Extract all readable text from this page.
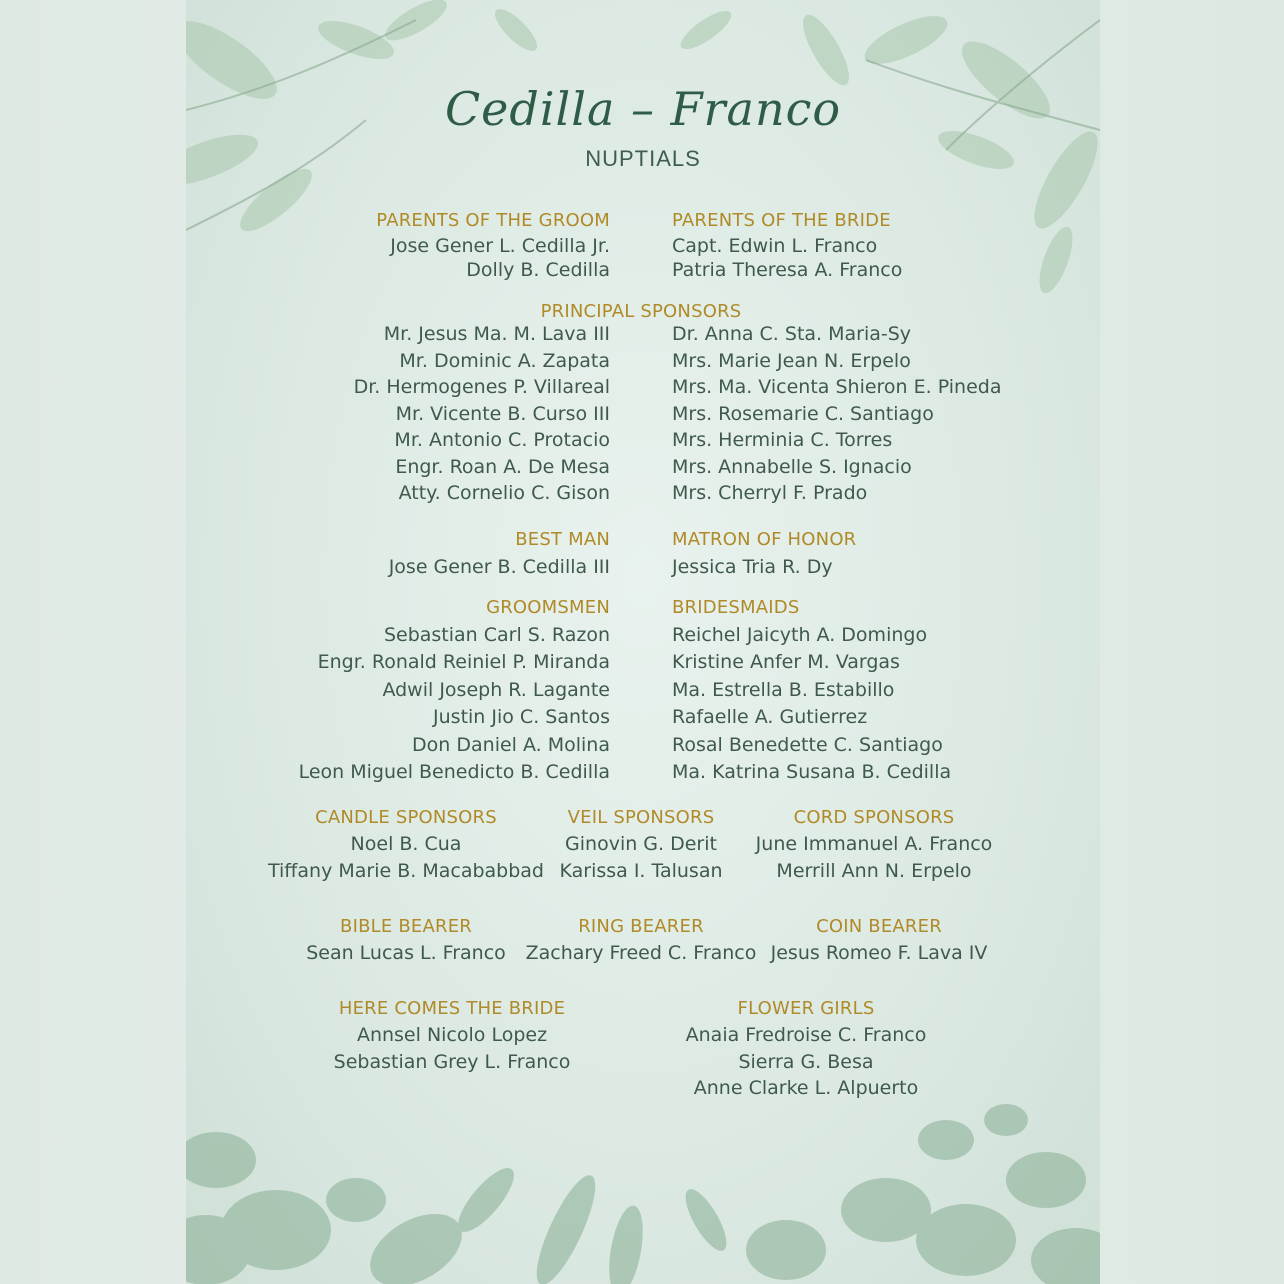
Cedilla – Franco
NUPTIALS
PARENTS OF THE GROOM
Jose Gener L. Cedilla Jr.
Dolly B. Cedilla
PARENTS OF THE BRIDE
Capt. Edwin L. Franco
Patria Theresa A. Franco
PRINCIPAL SPONSORS
Mr. Jesus Ma. M. Lava III
Mr. Dominic A. Zapata
Dr. Hermogenes P. Villareal
Mr. Vicente B. Curso III
Mr. Antonio C. Protacio
Engr. Roan A. De Mesa
Atty. Cornelio C. Gison
Dr. Anna C. Sta. Maria-Sy
Mrs. Marie Jean N. Erpelo
Mrs. Ma. Vicenta Shieron E. Pineda
Mrs. Rosemarie C. Santiago
Mrs. Herminia C. Torres
Mrs. Annabelle S. Ignacio
Mrs. Cherryl F. Prado
BEST MAN
Jose Gener B. Cedilla III
MATRON OF HONOR
Jessica Tria R. Dy
GROOMSMEN
Sebastian Carl S. Razon
Engr. Ronald Reiniel P. Miranda
Adwil Joseph R. Lagante
Justin Jio C. Santos
Don Daniel A. Molina
Leon Miguel Benedicto B. Cedilla
BRIDESMAIDS
Reichel Jaicyth A. Domingo
Kristine Anfer M. Vargas
Ma. Estrella B. Estabillo
Rafaelle A. Gutierrez
Rosal Benedette C. Santiago
Ma. Katrina Susana B. Cedilla
CANDLE SPONSORS
Noel B. Cua
Tiffany Marie B. Macababbad
VEIL SPONSORS
Ginovin G. Derit
Karissa I. Talusan
CORD SPONSORS
June Immanuel A. Franco
Merrill Ann N. Erpelo
BIBLE BEARER
Sean Lucas L. Franco
RING BEARER
Zachary Freed C. Franco
COIN BEARER
Jesus Romeo F. Lava IV
HERE COMES THE BRIDE
Annsel Nicolo Lopez
Sebastian Grey L. Franco
FLOWER GIRLS
Anaia Fredroise C. Franco
Sierra G. Besa
Anne Clarke L. Alpuerto
